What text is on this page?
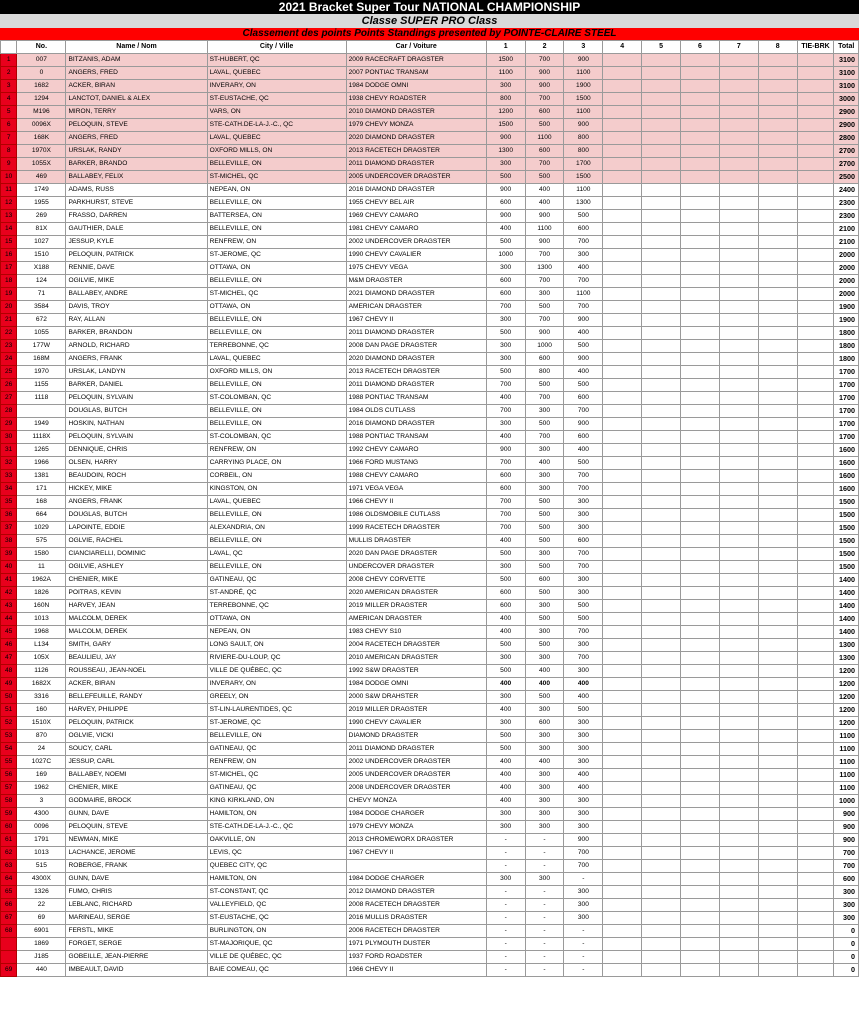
2021 Bracket Super Tour NATIONAL CHAMPIONSHIP
Classe SUPER PRO Class
Classement des points Points Standings presented by POINTE-CLAIRE STEEL
	No.	Name / Nom	City / Ville	Car / Voiture	1	2	3	4	5	6	7	8	TIE-BRK	Total
1	007	BITZANIS, ADAM	ST-HUBERT, QC	2009 RACECRAFT DRAGSTER	1500	700	900							3100
2	0	ANGERS, FRED	LAVAL, QUEBEC	2007 PONTIAC TRANSAM	1100	900	1100							3100
3	1682	ACKER, BIRAN	INVERARY, ON	1984 DODGE OMNI	300	900	1900							3100
4	1294	LANCTOT, DANIEL & ALEX	ST-EUSTACHE, QC	1938 CHEVY ROADSTER	800	700	1500							3000
5	M196	MIRON, TERRY	VARS, ON	2010 DIAMOND DRAGSTER	1200	600	1100							2900
6	0096X	PELOQUIN, STEVE	STE-CATH.DE-LA-J.-C., QC	1979 CHEVY MONZA	1500	500	900							2900
7	168K	ANGERS, FRED	LAVAL, QUEBEC	2020 DIAMOND DRAGSTER	900	1100	800							2800
8	1970X	URSLAK, RANDY	OXFORD MILLS, ON	2013 RACETECH DRAGSTER	1300	600	800							2700
9	1055X	BARKER, BRANDO	BELLEVILLE, ON	2011 DIAMOND DRAGSTER	300	700	1700							2700
10	469	BALLABEY, FELIX	ST-MICHEL, QC	2005 UNDERCOVER DRAGSTER	500	500	1500							2500
11	1749	ADAMS, RUSS	NEPEAN, ON	2016 DIAMOND DRAGSTER	900	400	1100							2400
12	1955	PARKHURST, STEVE	BELLEVILLE, ON	1955 CHEVY BEL AIR	600	400	1300							2300
13	269	FRASSO, DARREN	BATTERSEA, ON	1969 CHEVY CAMARO	900	900	500							2300
14	81X	GAUTHIER, DALE	BELLEVILLE, ON	1981 CHEVY CAMARO	400	1100	600							2100
15	1027	JESSUP, KYLE	RENFREW, ON	2002 UNDERCOVER DRAGSTER	500	900	700							2100
16	1510	PELOQUIN, PATRICK	ST-JEROME, QC	1990 CHEVY CAVALIER	1000	700	300							2000
17	X188	RENNIE, DAVE	OTTAWA, ON	1975 CHEVY VEGA	300	1300	400							2000
18	124	OGILVIE, MIKE	BELLEVILLE, ON	M&M DRAGSTER	600	700	700							2000
19	71	BALLABEY, ANDRE	ST-MICHEL, QC	2021 DIAMOND DRAGSTER	600	300	1100							2000
20	3584	DAVIS, TROY	OTTAWA, ON	AMERICAN DRAGSTER	700	500	700							1900
21	672	RAY, ALLAN	BELLEVILLE, ON	1967 CHEVY II	300	700	900							1900
22	1055	BARKER, BRANDON	BELLEVILLE, ON	2011 DIAMOND DRAGSTER	500	900	400							1800
23	177W	ARNOLD, RICHARD	TERREBONNE, QC	2008 DAN PAGE DRAGSTER	300	1000	500							1800
24	168M	ANGERS, FRANK	LAVAL, QUEBEC	2020 DIAMOND DRAGSTER	300	600	900							1800
25	1970	URSLAK, LANDYN	OXFORD MILLS, ON	2013 RACETECH DRAGSTER	500	800	400							1700
26	1155	BARKER, DANIEL	BELLEVILLE, ON	2011 DIAMOND DRAGSTER	700	500	500							1700
27	1118	PELOQUIN, SYLVAIN	ST-COLOMBAN, QC	1988 PONTIAC TRANSAM	400	700	600							1700
28		DOUGLAS, BUTCH	BELLEVILLE, ON	1984 OLDS CUTLASS	700	300	700							1700
29	1949	HOSKIN, NATHAN	BELLEVILLE, ON	2016 DIAMOND DRAGSTER	300	500	900							1700
30	1118X	PELOQUIN, SYLVAIN	ST-COLOMBAN, QC	1988 PONTIAC TRANSAM	400	700	600							1700
31	1265	DENNIQUE, CHRIS	RENFREW, ON	1992 CHEVY CAMARO	900	300	400							1600
32	1966	OLSEN, HARRY	CARRYING PLACE, ON	1966 FORD MUSTANG	700	400	500							1600
33	1381	BEAUDOIN, ROCH	CORBEIL, ON	1988 CHEVY CAMARO	600	300	700							1600
34	171	HICKEY, MIKE	KINGSTON, ON	1971 VEGA VEGA	600	300	700							1600
35	168	ANGERS, FRANK	LAVAL, QUEBEC	1966 CHEVY II	700	500	300							1500
36	664	DOUGLAS, BUTCH	BELLEVILLE, ON	1986 OLDSMOBILE CUTLASS	700	500	300							1500
37	1029	LAPOINTE, EDDIE	ALEXANDRIA, ON	1999 RACETECH DRAGSTER	700	500	300							1500
38	575	OGLVIE, RACHEL	BELLEVILLE, ON	MULLIS DRAGSTER	400	500	600							1500
39	1580	CIANCIARELLI, DOMINIC	LAVAL, QC	2020 DAN PAGE DRAGSTER	500	300	700							1500
40	11	OGILVIE, ASHLEY	BELLEVILLE, ON	UNDERCOVER DRAGSTER	300	500	700							1500
41	1962A	CHENIER, MIKE	GATINEAU, QC	2008 CHEVY CORVETTE	500	600	300							1400
42	1826	POITRAS, KEVIN	ST-ANDRÉ, QC	2020 AMERICAN DRAGSTER	600	500	300							1400
43	160N	HARVEY, JEAN	TERREBONNE, QC	2019 MILLER DRAGSTER	600	300	500							1400
44	1013	MALCOLM, DEREK	OTTAWA, ON	AMERICAN DRAGSTER	400	500	500							1400
45	1968	MALCOLM, DEREK	NEPEAN, ON	1983 CHEVY S10	400	300	700							1400
46	L134	SMITH, GARY	LONG SAULT, ON	2004 RACETECH DRAGSTER	500	500	300							1300
47	105X	BEAULIEU, JAY	RIVIERE-DU-LOUP, QC	2010 AMERICAN DRAGSTER	300	300	700							1300
48	1126	ROUSSEAU, JEAN-NOEL	VILLE DE QUÉBEC, QC	1992 S&W DRAGSTER	500	400	300							1200
49	1682X	ACKER, BIRAN	INVERARY, ON	1984 DODGE OMNI	400	400	400							1200
50	3316	BELLEFEUILLE, RANDY	GREELY, ON	2000 S&W DRAHSTER	300	500	400							1200
51	160	HARVEY, PHILIPPE	ST-LIN-LAURENTIDES, QC	2019 MILLER DRAGSTER	400	300	500							1200
52	1510X	PELOQUIN, PATRICK	ST-JEROME, QC	1990 CHEVY CAVALIER	300	600	300							1200
53	870	OGLVIE, VICKI	BELLEVILLE, ON	DIAMOND DRAGSTER	500	300	300							1100
54	24	SOUCY, CARL	GATINEAU, QC	2011 DIAMOND DRAGSTER	500	300	300							1100
55	1027C	JESSUP, CARL	RENFREW, ON	2002 UNDERCOVER DRAGSTER	400	400	300							1100
56	169	BALLABEY, NOEMI	ST-MICHEL, QC	2005 UNDERCOVER DRAGSTER	400	300	400							1100
57	1962	CHENIER, MIKE	GATINEAU, QC	2008 UNDERCOVER DRAGSTER	400	300	400							1100
58	3	GODMAIRE, BROCK	KING KIRKLAND, ON	CHEVY MONZA	400	300	300							1000
59	4300	GUNN, DAVE	HAMILTON, ON	1984 DODGE CHARGER	300	300	300							900
60	0096	PELOQUIN, STEVE	STE-CATH.DE-LA-J.-C., QC	1979 CHEVY MONZA	300	300	300							900
61	1791	NEWMAN, MIKE	OAKVILLE, ON	2013 CHROMEWORX DRAGSTER	-	-	900							900
62	1013	LACHANCE, JEROME	LEVIS, QC	1967 CHEVY II	-	-	700							700
63	515	ROBERGE, FRANK	QUEBEC CITY, QC		-	-	700							700
64	4300X	GUNN, DAVE	HAMILTON, ON	1984 DODGE CHARGER	300	300	-							600
65	1326	FUMO, CHRIS	ST-CONSTANT, QC	2012 DIAMOND DRAGSTER	-	-	300							300
66	22	LEBLANC, RICHARD	VALLEYFIELD, QC	2008 RACETECH DRAGSTER	-	-	300							300
67	69	MARINEAU, SERGE	ST-EUSTACHE, QC	2016 MULLIS DRAGSTER	-	-	300							300
68	6901	FERSTL, MIKE	BURLINGTON, ON	2006 RACETECH DRAGSTER	-	-	-							0
	1869	FORGET, SERGE	ST-MAJORIQUE, QC	1971 PLYMOUTH DUSTER	-	-	-							0
	J185	GOBEILLE, JEAN-PIERRE	VILLE DE QUÉBEC, QC	1937 FORD ROADSTER	-	-	-							0
69	440	IMBEAULT, DAVID	BAIE COMEAU, QC	1966 CHEVY II	-	-	-							0
